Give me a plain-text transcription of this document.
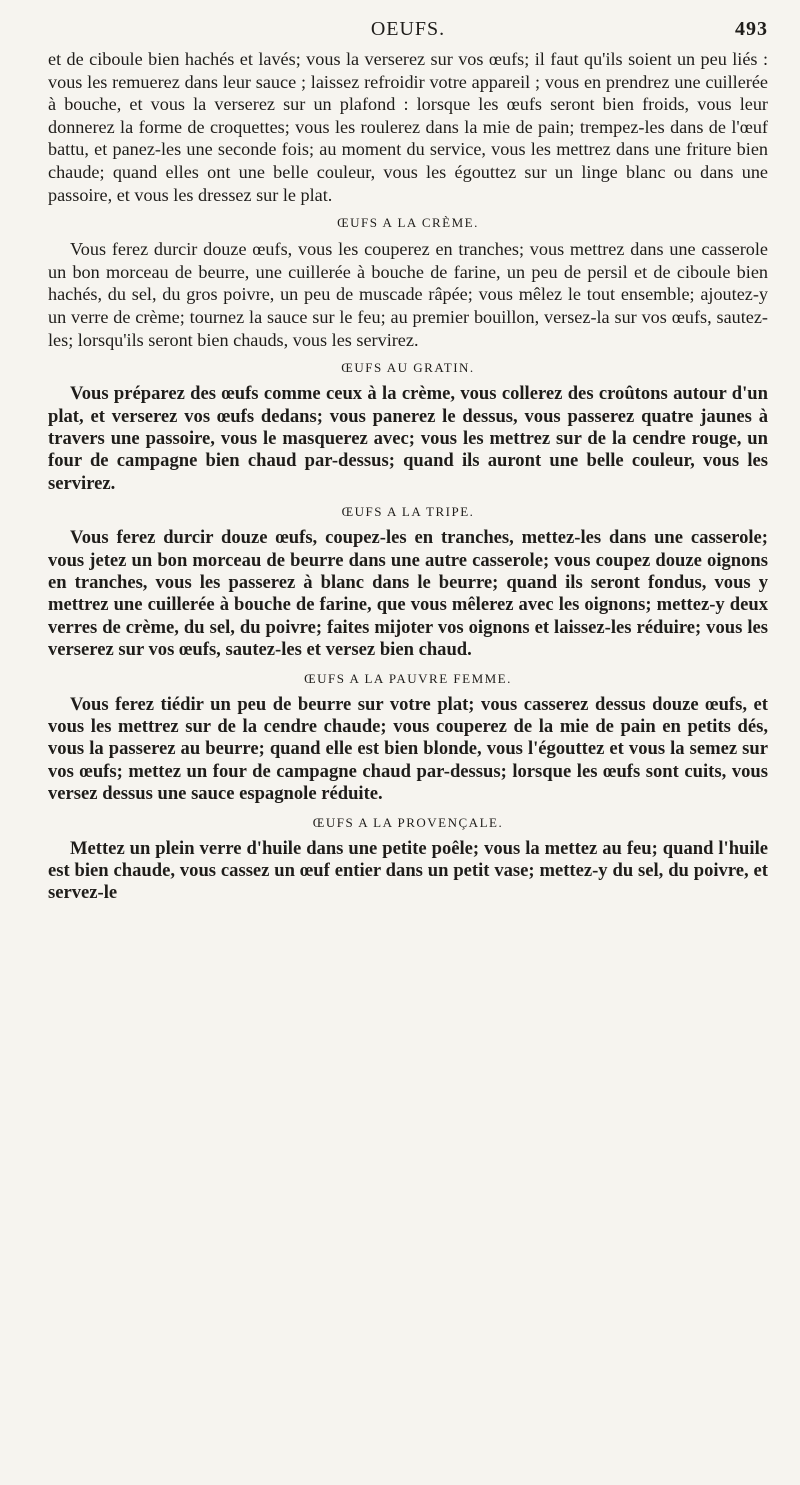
OEUFS.	493

et de ciboule bien hachés et lavés; vous la verserez sur vos œufs; il faut qu'ils soient un peu liés : vous les remuerez dans leur sauce ; laissez refroidir votre appareil ; vous en prendrez une cuillerée à bouche, et vous la verserez sur un plafond : lorsque les œufs seront bien froids, vous leur donnerez la forme de croquettes; vous les roulerez dans la mie de pain; trempez-les dans de l'œuf battu, et panez-les une seconde fois; au moment du service, vous les mettrez dans une friture bien chaude; quand elles ont une belle couleur, vous les égouttez sur un linge blanc ou dans une passoire, et vous les dressez sur le plat.

ŒUFS A LA CRÈME.

Vous ferez durcir douze œufs, vous les couperez en tranches; vous mettrez dans une casserole un bon morceau de beurre, une cuillerée à bouche de farine, un peu de persil et de ciboule bien hachés, du sel, du gros poivre, un peu de muscade râpée; vous mêlez le tout ensemble; ajoutez-y un verre de crème; tournez la sauce sur le feu; au premier bouillon, versez-la sur vos œufs, sautez-les; lorsqu'ils seront bien chauds, vous les servirez.

ŒUFS AU GRATIN.

Vous préparez des œufs comme ceux à la crème, vous collerez des croûtons autour d'un plat, et verserez vos œufs dedans; vous panerez le dessus, vous passerez quatre jaunes à travers une passoire, vous le masquerez avec; vous les mettrez sur de la cendre rouge, un four de campagne bien chaud par-dessus; quand ils auront une belle couleur, vous les servirez.

ŒUFS A LA TRIPE.

Vous ferez durcir douze œufs, coupez-les en tranches, mettez-les dans une casserole; vous jetez un bon morceau de beurre dans une autre casserole; vous coupez douze oignons en tranches, vous les passerez à blanc dans le beurre; quand ils seront fondus, vous y mettrez une cuillerée à bouche de farine, que vous mêlerez avec les oignons; mettez-y deux verres de crème, du sel, du poivre; faites mijoter vos oignons et laissez-les réduire; vous les verserez sur vos œufs, sautez-les et versez bien chaud.

ŒUFS A LA PAUVRE FEMME.

Vous ferez tiédir un peu de beurre sur votre plat; vous casserez dessus douze œufs, et vous les mettrez sur de la cendre chaude; vous couperez de la mie de pain en petits dés, vous la passerez au beurre; quand elle est bien blonde, vous l'égouttez et vous la semez sur vos œufs; mettez un four de campagne chaud par-dessus; lorsque les œufs sont cuits, vous versez dessus une sauce espagnole réduite.

ŒUFS A LA PROVENÇALE.

Mettez un plein verre d'huile dans une petite poêle; vous la mettez au feu; quand l'huile est bien chaude, vous cassez un œuf entier dans un petit vase; mettez-y du sel, du poivre, et servez-le
